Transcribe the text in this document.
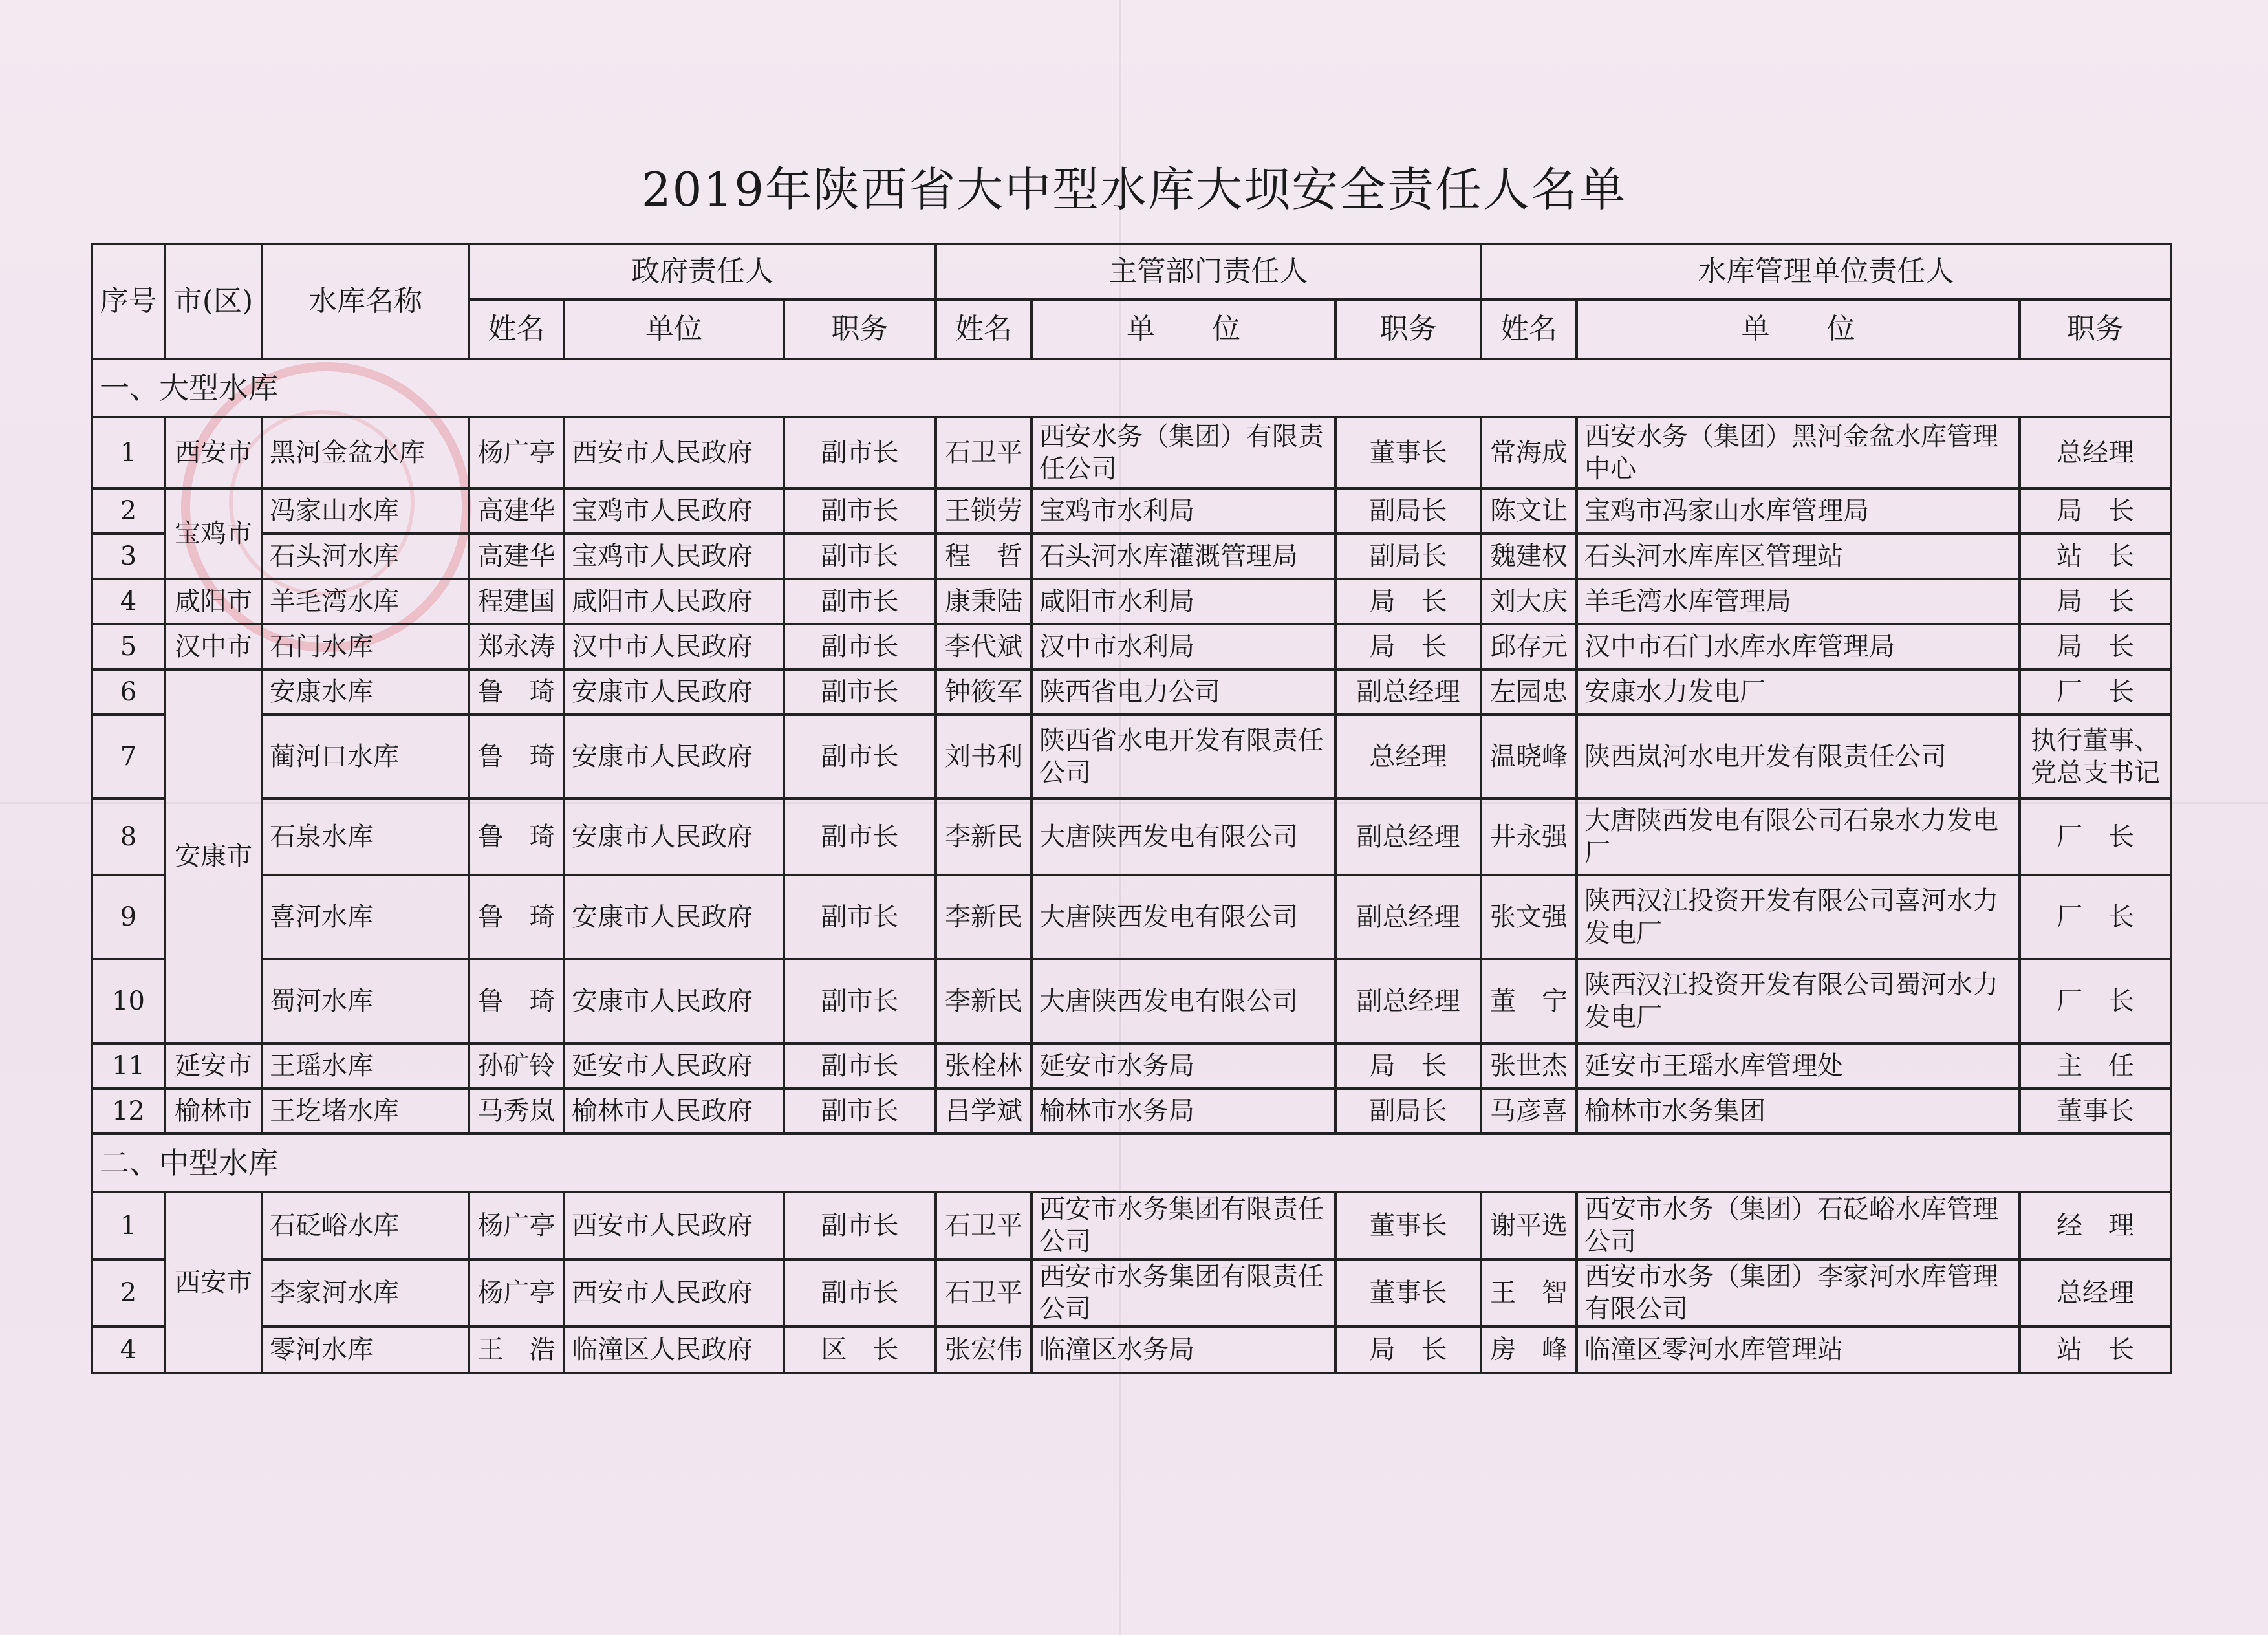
2019年陕西省大中型水库大坝安全责任人名单
序号	市(区)	水库名称	政府责任人			主管部门责任人			水库管理单位责任人		
			姓名	单位	职务	姓名	单　　位	职务	姓名	单　　位	职务
一、大型水库											
1	西安市	黑河金盆水库	杨广亭	西安市人民政府	副市长	石卫平	西安水务（集团）有限责任公司	董事长	常海成	西安水务（集团）黑河金盆水库管理中心	总经理
2	宝鸡市	冯家山水库	高建华	宝鸡市人民政府	副市长	王锁劳	宝鸡市水利局	副局长	陈文让	宝鸡市冯家山水库管理局	局　长
3		石头河水库	高建华	宝鸡市人民政府	副市长	程　哲	石头河水库灌溉管理局	副局长	魏建权	石头河水库库区管理站	站　长
4	咸阳市	羊毛湾水库	程建国	咸阳市人民政府	副市长	康秉陆	咸阳市水利局	局　长	刘大庆	羊毛湾水库管理局	局　长
5	汉中市	石门水库	郑永涛	汉中市人民政府	副市长	李代斌	汉中市水利局	局　长	邱存元	汉中市石门水库水库管理局	局　长
6	安康市	安康水库	鲁　琦	安康市人民政府	副市长	钟筱军	陕西省电力公司	副总经理	左园忠	安康水力发电厂	厂　长
7		蔺河口水库	鲁　琦	安康市人民政府	副市长	刘书利	陕西省水电开发有限责任公司	总经理	温晓峰	陕西岚河水电开发有限责任公司	执行董事、党总支书记
8		石泉水库	鲁　琦	安康市人民政府	副市长	李新民	大唐陕西发电有限公司	副总经理	井永强	大唐陕西发电有限公司石泉水力发电厂	厂　长
9		喜河水库	鲁　琦	安康市人民政府	副市长	李新民	大唐陕西发电有限公司	副总经理	张文强	陕西汉江投资开发有限公司喜河水力发电厂	厂　长
10		蜀河水库	鲁　琦	安康市人民政府	副市长	李新民	大唐陕西发电有限公司	副总经理	董　宁	陕西汉江投资开发有限公司蜀河水力发电厂	厂　长
11	延安市	王瑶水库	孙矿铃	延安市人民政府	副市长	张栓林	延安市水务局	局　长	张世杰	延安市王瑶水库管理处	主　任
12	榆林市	王圪堵水库	马秀岚	榆林市人民政府	副市长	吕学斌	榆林市水务局	副局长	马彦喜	榆林市水务集团	董事长
二、中型水库											
1	西安市	石砭峪水库	杨广亭	西安市人民政府	副市长	石卫平	西安市水务集团有限责任公司	董事长	谢平选	西安市水务（集团）石砭峪水库管理公司	经　理
2		李家河水库	杨广亭	西安市人民政府	副市长	石卫平	西安市水务集团有限责任公司	董事长	王　智	西安市水务（集团）李家河水库管理有限公司	总经理
4		零河水库	王　浩	临潼区人民政府	区　长	张宏伟	临潼区水务局	局　长	房　峰	临潼区零河水库管理站	站　长
